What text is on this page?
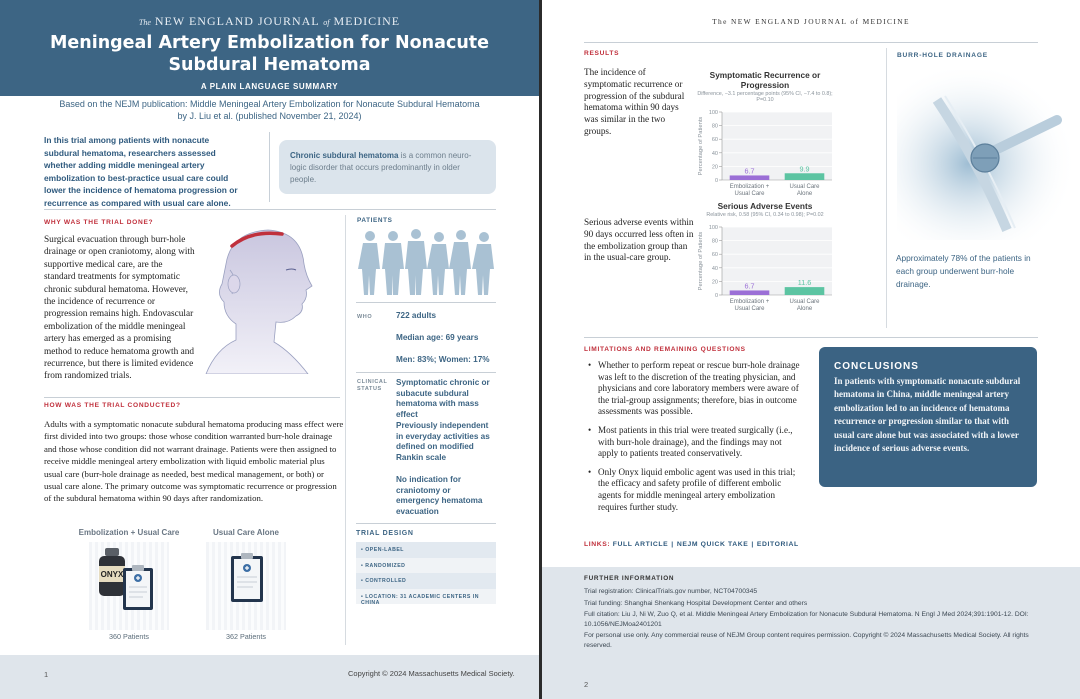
The NEW ENGLAND JOURNAL of MEDICINE
Meningeal Artery Embolization for Nonacute Subdural Hematoma
A PLAIN LANGUAGE SUMMARY
Based on the NEJM publication: Middle Meningeal Artery Embolization for Nonacute Subdural Hematoma
by J. Liu et al. (published November 21, 2024)
In this trial among patients with nonacute subdural hematoma, researchers assessed whether adding middle meningeal artery embolization to best-practice usual care could lower the incidence of hematoma progression or recurrence as compared with usual care alone.
Chronic subdural hematoma is a common neurologic disorder that occurs predominantly in older people.
WHY WAS THE TRIAL DONE?
Surgical evacuation through burr-hole drainage or open craniotomy, along with supportive medical care, are the standard treatments for symptomatic chronic subdural hematoma. However, the incidence of recurrence or progression remains high. Endovascular embolization of the middle meningeal artery has emerged as a promising method to reduce hematoma growth and recurrence, but there is limited evidence from randomized trials.
HOW WAS THE TRIAL CONDUCTED?
Adults with a symptomatic nonacute subdural hematoma producing mass effect were first divided into two groups: those whose condition warranted burr-hole drainage and those whose condition did not warrant drainage. Patients were then assigned to receive middle meningeal artery embolization with liquid embolic material plus usual care (burr-hole drainage as needed, best medical management, or both) or usual care alone. The primary outcome was symptomatic recurrence or progression of the subdural hematoma within 90 days after randomization.
Embolization + Usual Care
ONYX
360 Patients
Usual Care Alone
362 Patients
PATIENTS
WHO	722 adults
Median age: 69 years
Men: 83%; Women: 17%
CLINICAL
STATUS
Symptomatic chronic or subacute subdural hematoma with mass effect
Previously independent in everyday activities as defined on modified Rankin scale
No indication for craniotomy or emergency hematoma evacuation
TRIAL DESIGN
• OPEN-LABEL
• RANDOMIZED
• CONTROLLED
• LOCATION: 31 ACADEMIC CENTERS IN CHINA
1	Copyright © 2024 Massachusetts Medical Society.
The NEW ENGLAND JOURNAL of MEDICINE
RESULTS
The incidence of symptomatic recurrence or progression of the subdural hematoma within 90 days was similar in the two groups.
Serious adverse events within 90 days occurred less often in the embolization group than in the usual-care group.
Symptomatic Recurrence or Progression
Difference, −3.1 percentage points (95% CI, −7.4 to 0.8); P=0.10
0
20
40
60
80
100
Percentage of Patients	6.7
Embolization +
Usual Care
9.9
Usual Care
Alone
Serious Adverse Events
Relative risk, 0.58 (95% CI, 0.34 to 0.98); P=0.02
0
20
40
60
80
100
Percentage of Patients	6.7
Embolization +
Usual Care
11.6
Usual Care
Alone
BURR-HOLE DRAINAGE
Approximately 78% of the patients in each group underwent burr-hole drainage.
LIMITATIONS AND REMAINING QUESTIONS
• Whether to perform repeat or rescue burr-hole drainage was left to the discretion of the treating physician, and physicians and core laboratory members were aware of the trial-group assignments; therefore, bias in outcome assessments was possible.
• Most patients in this trial were treated surgically (i.e., with burr-hole drainage), and the findings may not apply to patients treated conservatively.
• Only Onyx liquid embolic agent was used in this trial; the efficacy and safety profile of different embolic agents for middle meningeal artery embolization requires further study.
LINKS: FULL ARTICLE | NEJM QUICK TAKE | EDITORIAL
CONCLUSIONS
In patients with symptomatic nonacute subdural hematoma in China, middle meningeal artery embolization led to an incidence of hematoma recurrence or progression similar to that with usual care alone but was associated with a lower incidence of serious adverse events.
FURTHER INFORMATION
Trial registration: ClinicalTrials.gov number, NCT04700345
Trial funding: Shanghai Shenkang Hospital Development Center and others
Full citation: Liu J, Ni W, Zuo Q, et al. Middle Meningeal Artery Embolization for Nonacute Subdural Hematoma. N Engl J Med 2024;391:1901-12. DOI: 10.1056/NEJMoa2401201
For personal use only. Any commercial reuse of NEJM Group content requires permission. Copyright © 2024 Massachusetts Medical Society. All rights reserved.
2
